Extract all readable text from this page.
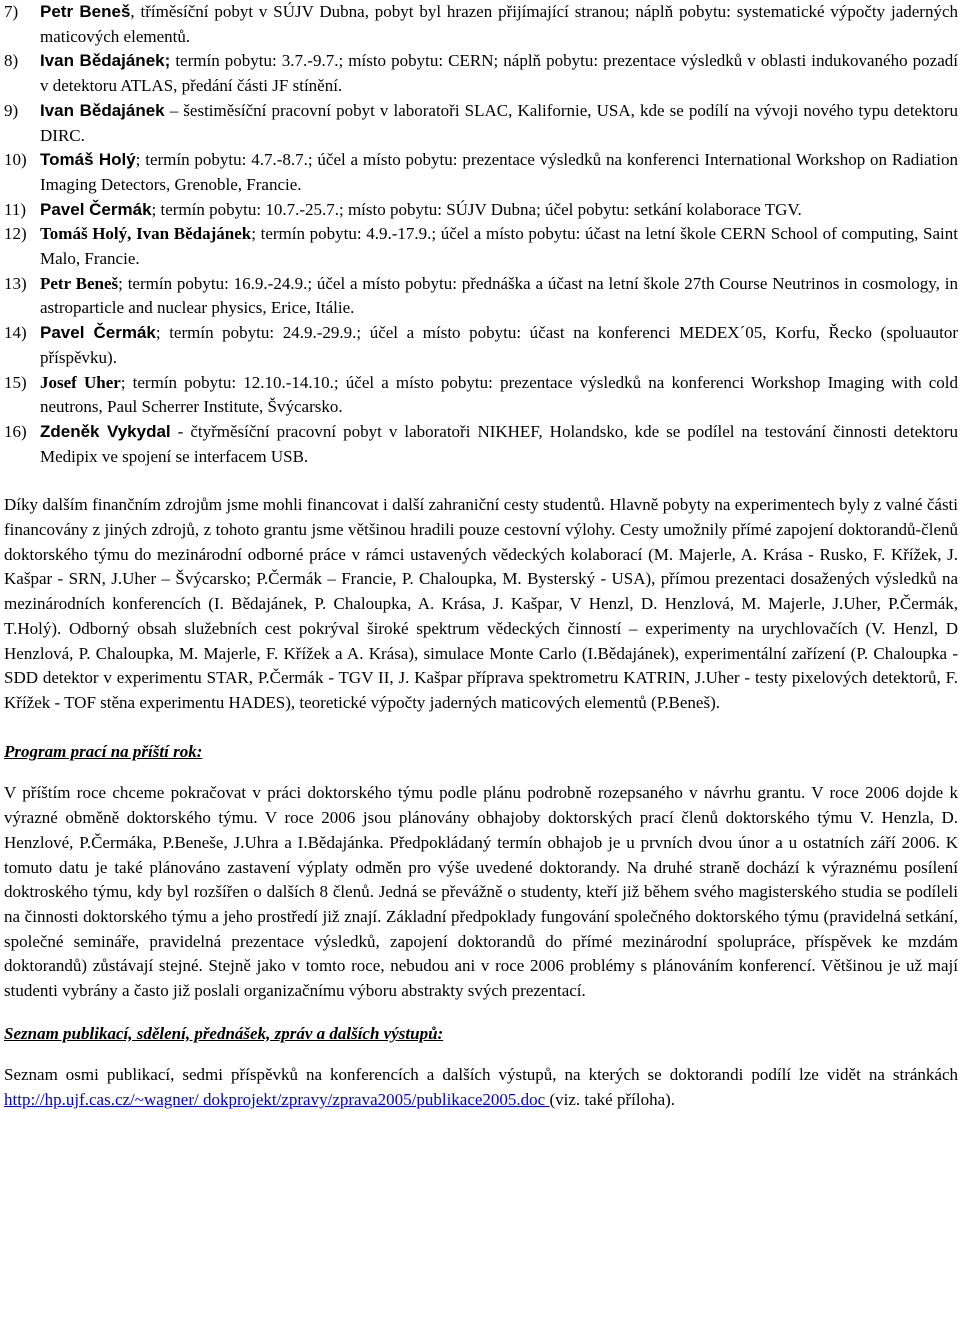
7) Petr Beneš, tříměsíční pobyt v SÚJV Dubna, pobyt byl hrazen přijímající stranou; náplň pobytu: systematické výpočty jaderných maticových elementů.
8) Ivan Bědajánek; termín pobytu: 3.7.-9.7.; místo pobytu: CERN; náplň pobytu: prezentace výsledků v oblasti indukovaného pozadí v detektoru ATLAS, předání části JF stínění.
9) Ivan Bědajánek – šestiměsíční pracovní pobyt v laboratoři SLAC, Kalifornie, USA, kde se podílí na vývoji nového typu detektoru DIRC.
10) Tomáš Holý; termín pobytu: 4.7.-8.7.; účel a místo pobytu: prezentace výsledků na konferenci International Workshop on Radiation Imaging Detectors, Grenoble, Francie.
11) Pavel Čermák; termín pobytu: 10.7.-25.7.; místo pobytu: SÚJV Dubna; účel pobytu: setkání kolaborace TGV.
12) Tomáš Holý, Ivan Bědajánek; termín pobytu: 4.9.-17.9.; účel a místo pobytu: účast na letní škole CERN School of computing, Saint Malo, Francie.
13) Petr Beneš; termín pobytu: 16.9.-24.9.; účel a místo pobytu: přednáška a účast na letní škole 27th Course Neutrinos in cosmology, in astroparticle and nuclear physics, Erice, Itálie.
14) Pavel Čermák; termín pobytu: 24.9.-29.9.; účel a místo pobytu: účast na konferenci MEDEX´05, Korfu, Řecko (spoluautor příspěvku).
15) Josef Uher; termín pobytu: 12.10.-14.10.; účel a místo pobytu: prezentace výsledků na konferenci Workshop Imaging with cold neutrons, Paul Scherrer Institute, Švýcarsko.
16) Zdeněk Vykydal - čtyřměsíční pracovní pobyt v laboratoři NIKHEF, Holandsko, kde se podílel na testování činnosti detektoru Medipix ve spojení se interfacem USB.

Díky dalším finančním zdrojům jsme mohli financovat i další zahraniční cesty studentů. Hlavně pobyty na experimentech byly z valné části financovány z jiných zdrojů, z tohoto grantu jsme většinou hradili pouze cestovní výlohy. Cesty umožnily přímé zapojení doktorandů-členů doktorského týmu do mezinárodní odborné práce v rámci ustavených vědeckých kolaborací (M. Majerle, A. Krása - Rusko, F. Křížek, J. Kašpar - SRN, J.Uher – Švýcarsko; P.Čermák – Francie, P. Chaloupka, M. Bysterský - USA), přímou prezentaci dosažených výsledků na mezinárodních konferencích (I. Bědajánek, P. Chaloupka, A. Krása, J. Kašpar, V Henzl, D. Henzlová, M. Majerle, J.Uher, P.Čermák, T.Holý). Odborný obsah služebních cest pokrýval široké spektrum vědeckých činností – experimenty na urychlovačích (V. Henzl, D Henzlová, P. Chaloupka, M. Majerle, F. Křížek a A. Krása), simulace Monte Carlo (I.Bědajánek), experimentální zařízení (P. Chaloupka - SDD detektor v experimentu STAR, P.Čermák - TGV II, J. Kašpar příprava spektrometru KATRIN, J.Uher - testy pixelových detektorů, F. Křížek - TOF stěna experimentu HADES), teoretické výpočty jaderných maticových elementů (P.Beneš).

Program prací na příští rok:

V příštím roce chceme pokračovat v práci doktorského týmu podle plánu podrobně rozepsaného v návrhu grantu. V roce 2006 dojde k výrazné obměně doktorského týmu. V roce 2006 jsou plánovány obhajoby doktorských prací členů doktorského týmu V. Henzla, D. Henzlové, P.Čermáka, P.Beneše, J.Uhra a I.Bědajánka. Předpokládaný termín obhajob je u prvních dvou únor a u ostatních září 2006. K tomuto datu je také plánováno zastavení výplaty odměn pro výše uvedené doktorandy. Na druhé straně dochází k výraznému posílení doktroského týmu, kdy byl rozšířen o dalších 8 členů. Jedná se převážně o studenty, kteří již během svého magisterského studia se podíleli na činnosti doktorského týmu a jeho prostředí již znají. Základní předpoklady fungování společného doktorského týmu (pravidelná setkání, společné semináře, pravidelná prezentace výsledků, zapojení doktorandů do přímé mezinárodní spolupráce, příspěvek ke mzdám doktorandů) zůstávají stejné. Stejně jako v tomto roce, nebudou ani v roce 2006 problémy s plánováním konferencí. Většinou je už mají studenti vybrány a často již poslali organizačnímu výboru abstrakty svých prezentací.

Seznam publikací, sdělení, přednášek, zpráv a dalších výstupů:

Seznam osmi publikací, sedmi příspěvků na konferencích a dalších výstupů, na kterých se doktorandi podílí lze vidět na stránkách http://hp.ujf.cas.cz/~wagner/ dokprojekt/zpravy/zprava2005/publikace2005.doc (viz. také příloha).
